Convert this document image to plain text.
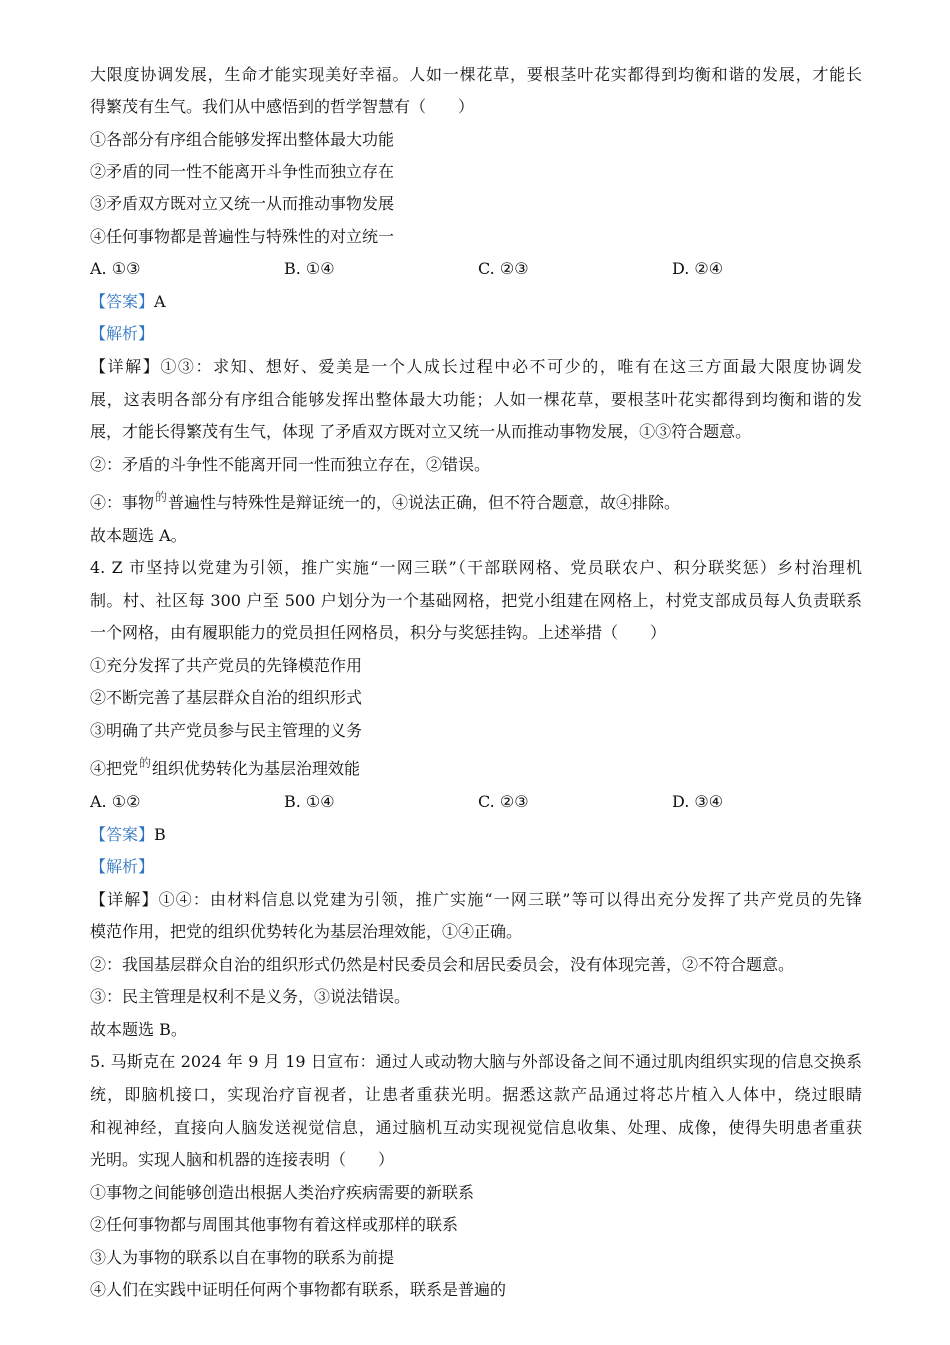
大限度协调发展，生命才能实现美好幸福。人如一棵花草，要根茎叶花实都得到均衡和谐的发展，才能长
得繁茂有生气。我们从中感悟到的哲学智慧有（　　）
①各部分有序组合能够发挥出整体最大功能
②矛盾的同一性不能离开斗争性而独立存在
③矛盾双方既对立又统一从而推动事物发展
④任何事物都是普遍性与特殊性的对立统一
A. ①③	B. ①④	C. ②③	D. ②④
【答案】A
【解析】
【详解】①③：求知、想好、爱美是一个人成长过程中必不可少的，唯有在这三方面最大限度协调发
展，这表明各部分有序组合能够发挥出整体最大功能；人如一棵花草，要根茎叶花实都得到均衡和谐的发
展，才能长得繁茂有生气，体现 了矛盾双方既对立又统一从而推动事物发展，①③符合题意。
②：矛盾的斗争性不能离开同一性而独立存在，②错误。
④：事物$^的$普遍性与特殊性是辩证统一的，④说法正确，但不符合题意，故④排除。
故本题选 A。
4. Z 市坚持以党建为引领，推广实施“一网三联”（干部联网格、党员联农户、积分联奖惩）乡村治理机
制。村、社区每 300 户至 500 户划分为一个基础网格，把党小组建在网格上，村党支部成员每人负责联系
一个网格，由有履职能力的党员担任网格员，积分与奖惩挂钩。上述举措（　　）
①充分发挥了共产党员的先锋模范作用
②不断完善了基层群众自治的组织形式
③明确了共产党员参与民主管理的义务
④把党$^的$组织优势转化为基层治理效能
A. ①②	B. ①④	C. ②③	D. ③④
【答案】B
【解析】
【详解】①④：由材料信息以党建为引领，推广实施“一网三联”等可以得出充分发挥了共产党员的先锋
模范作用，把党的组织优势转化为基层治理效能，①④正确。
②：我国基层群众自治的组织形式仍然是村民委员会和居民委员会，没有体现完善，②不符合题意。
③：民主管理是权利不是义务，③说法错误。
故本题选 B。
5. 马斯克在 2024 年 9 月 19 日宣布：通过人或动物大脑与外部设备之间不通过肌肉组织实现的信息交换系
统，即脑机接口，实现治疗盲视者，让患者重获光明。据悉这款产品通过将芯片植入人体中，绕过眼睛
和视神经，直接向人脑发送视觉信息，通过脑机互动实现视觉信息收集、处理、成像，使得失明患者重获
光明。实现人脑和机器的连接表明（　　）
①事物之间能够创造出根据人类治疗疾病需要的新联系
②任何事物都与周围其他事物有着这样或那样的联系
③人为事物的联系以自在事物的联系为前提
④人们在实践中证明任何两个事物都有联系，联系是普遍的
